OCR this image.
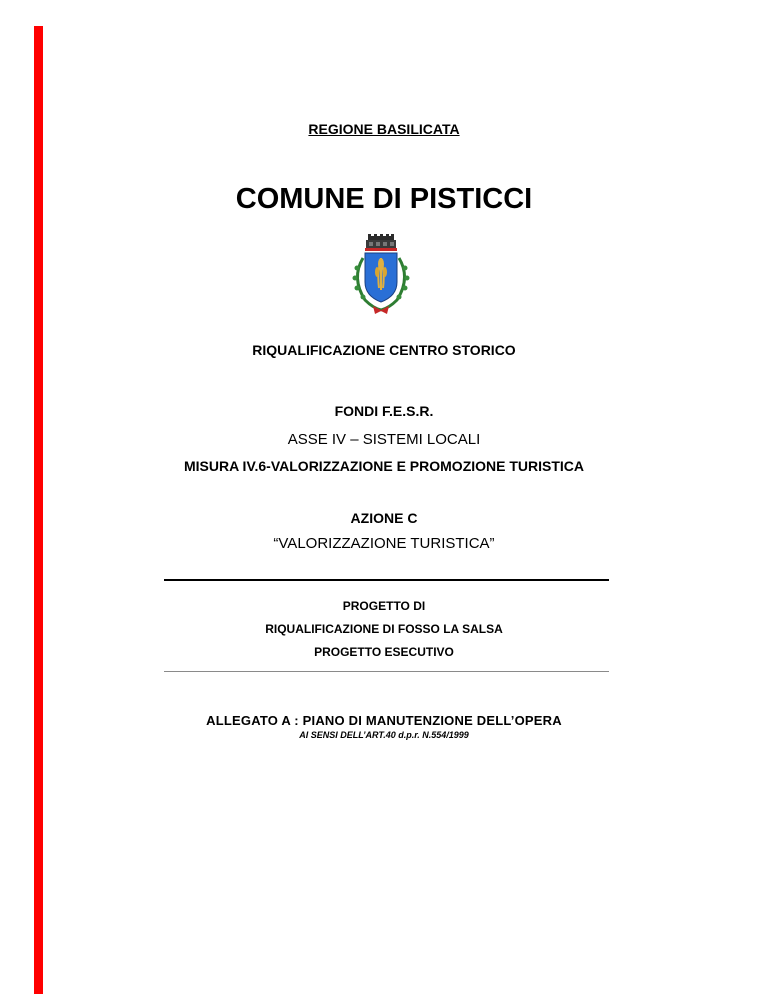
REGIONE BASILICATA
COMUNE DI PISTICCI
RIQUALIFICAZIONE CENTRO STORICO
FONDI F.E.S.R.
ASSE IV – SISTEMI LOCALI
MISURA IV.6-VALORIZZAZIONE E PROMOZIONE TURISTICA
AZIONE C
“VALORIZZAZIONE TURISTICA”
PROGETTO DI
RIQUALIFICAZIONE DI FOSSO LA SALSA
PROGETTO ESECUTIVO
ALLEGATO A : PIANO DI MANUTENZIONE DELL’OPERA
AI SENSI DELL’ART.40 d.p.r. N.554/1999
